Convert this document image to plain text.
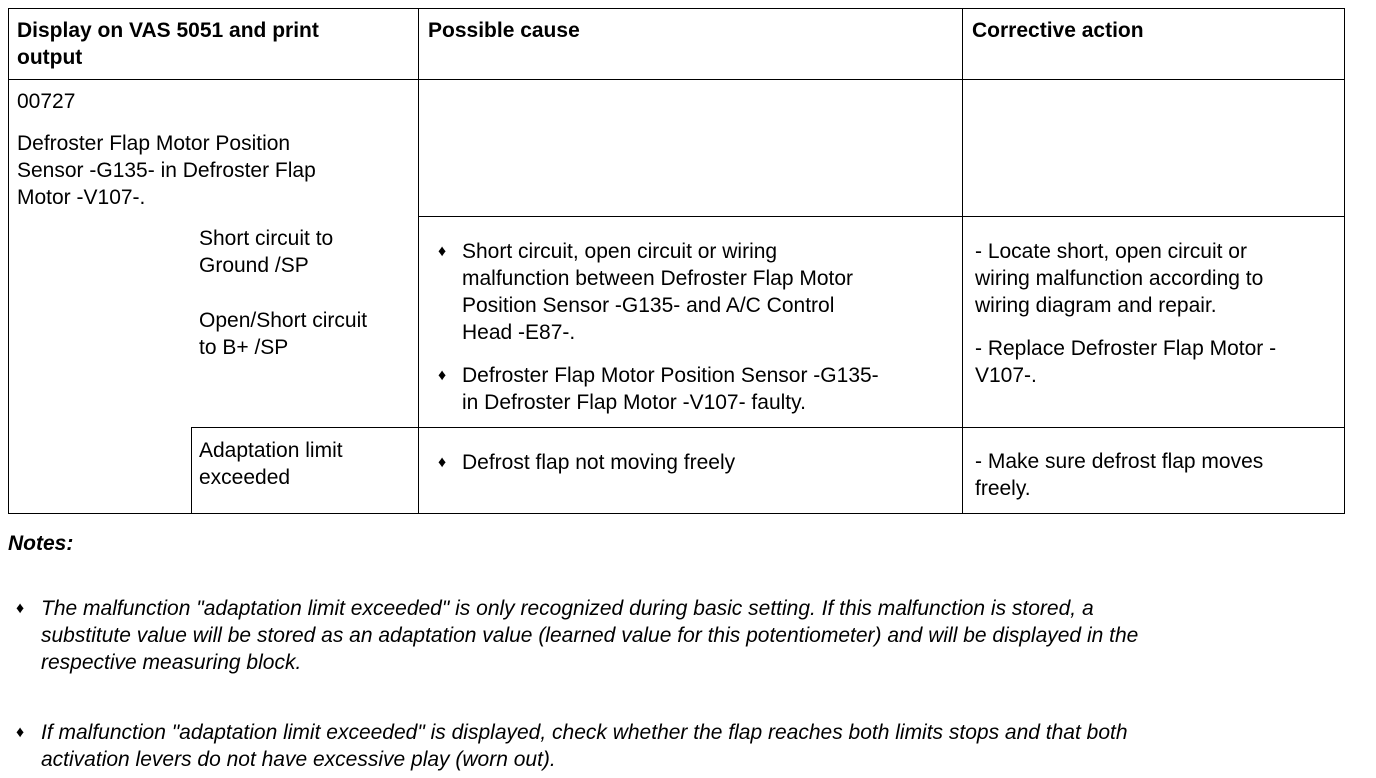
Display on VAS 5051 and print
output
Possible cause	Corrective action
00727
Defroster Flap Motor Position
Sensor -G135- in Defroster Flap
Motor -V107-.
Short circuit to
Ground /SP
Open/Short circuit
to B+ /SP
♦ Short circuit, open circuit or wiring
malfunction between Defroster Flap Motor
Position Sensor -G135- and A/C Control
Head -E87-.
♦ Defroster Flap Motor Position Sensor -G135-
in Defroster Flap Motor -V107- faulty.
- Locate short, open circuit or
wiring malfunction according to
wiring diagram and repair.
- Replace Defroster Flap Motor -
V107-.
Adaptation limit
exceeded
♦ Defrost flap not moving freely	- Make sure defrost flap moves
freely.
Notes:
♦ The malfunction "adaptation limit exceeded" is only recognized during basic setting. If this malfunction is stored, a
substitute value will be stored as an adaptation value (learned value for this potentiometer) and will be displayed in the
respective measuring block.
♦ If malfunction "adaptation limit exceeded" is displayed, check whether the flap reaches both limits stops and that both
activation levers do not have excessive play (worn out).
